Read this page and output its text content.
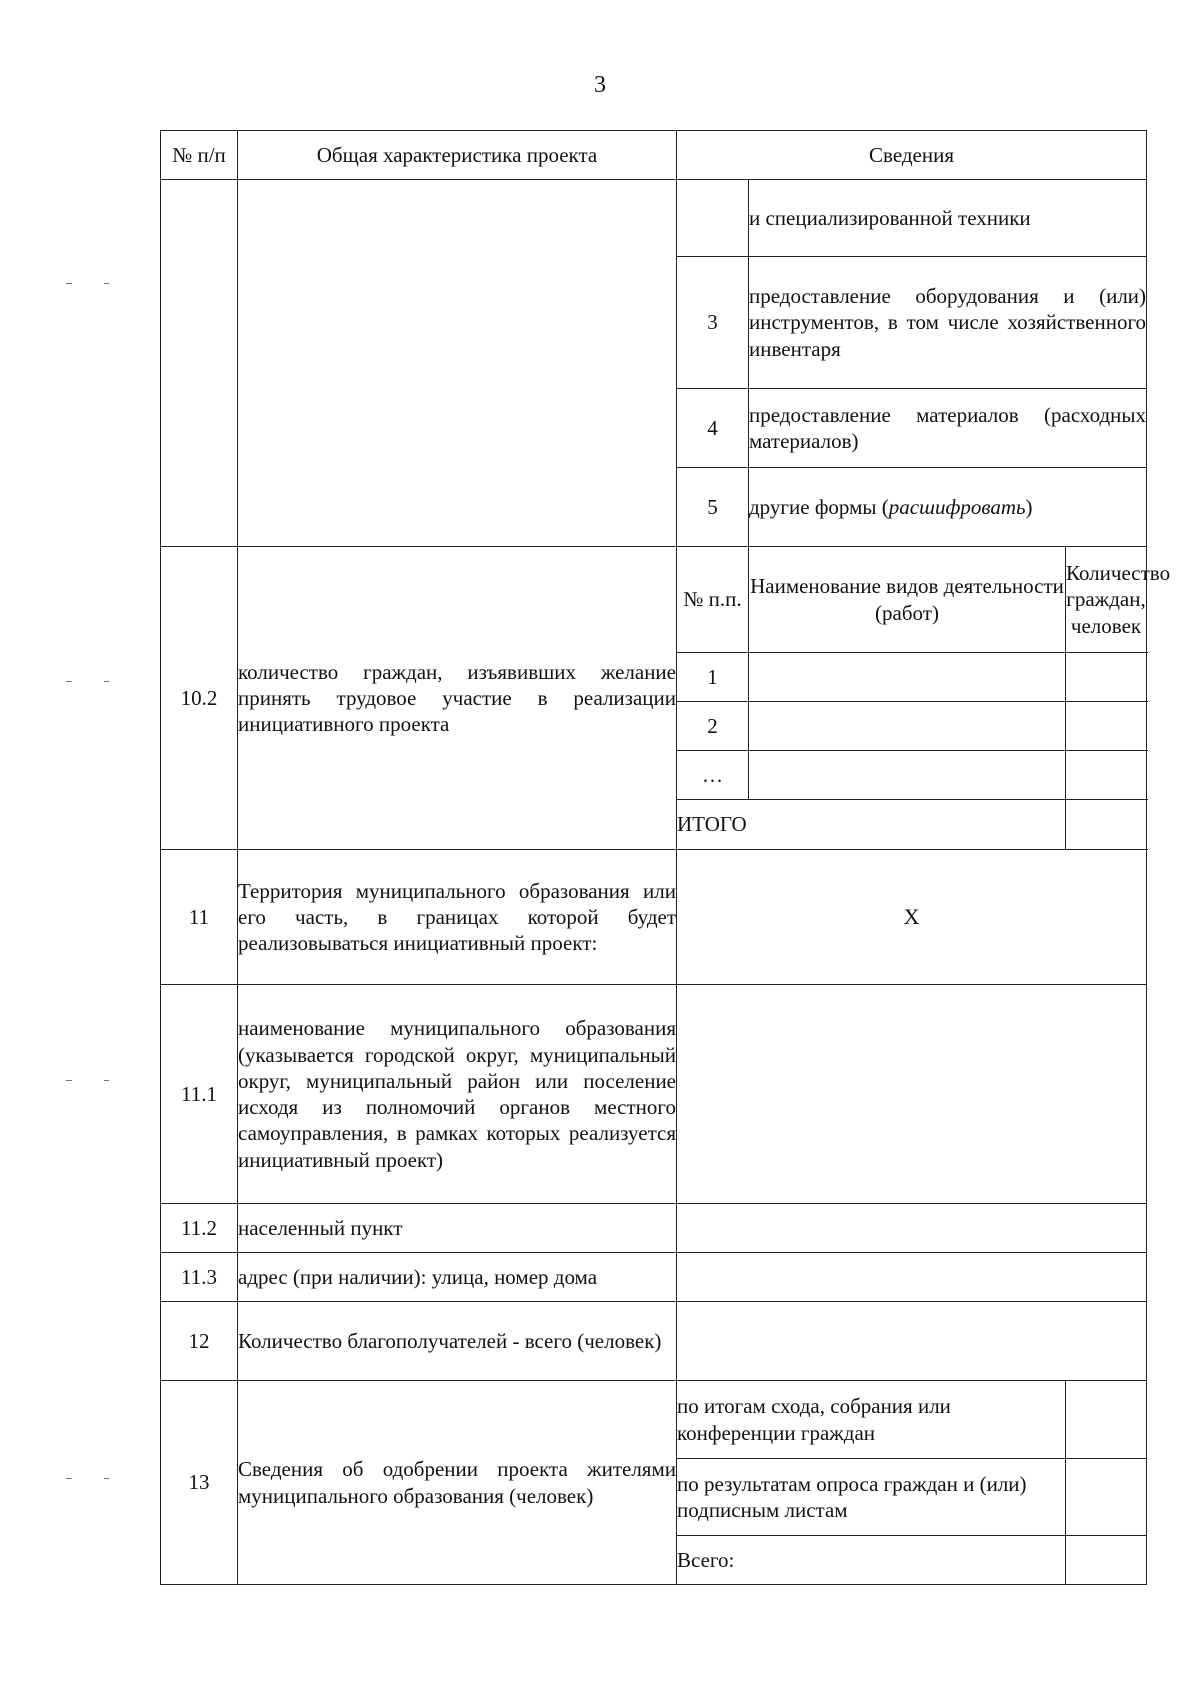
3
№ п/п	Общая характеристика проекта	Сведения			
			и специализированной техники		
		3	предоставление оборудования и (или) инструментов, в том числе хозяйственного инвентаря		
		4	предоставление материалов (расходных материалов)		
		5	другие формы (расшифровать)		
10.2	количество граждан, изъявивших желание принять трудовое участие в реализации инициативного проекта	№ п.п.	Наименование видов деятельности (работ)	Количество граждан, человек	
		1			
		2			
		…			
		ИТОГО			

11	Территория муниципального образования или его часть, в границах которой будет реализовываться инициативный проект:	X			
11.1	наименование муниципального образования (указывается городской округ, муниципальный округ, муниципальный район или поселение исходя из полномочий органов местного самоуправления, в рамках которых реализуется инициативный проект)				
11.2	населенный пункт				
11.3	адрес (при наличии): улица, номер дома				
12	Количество благополучателей - всего (человек)				
13	Сведения об одобрении проекта жителями муниципального образования (человек)	по итогам схода, собрания или конференции граждан			
		по результатам опроса граждан и (или) подписным листам			
		Всего:			
